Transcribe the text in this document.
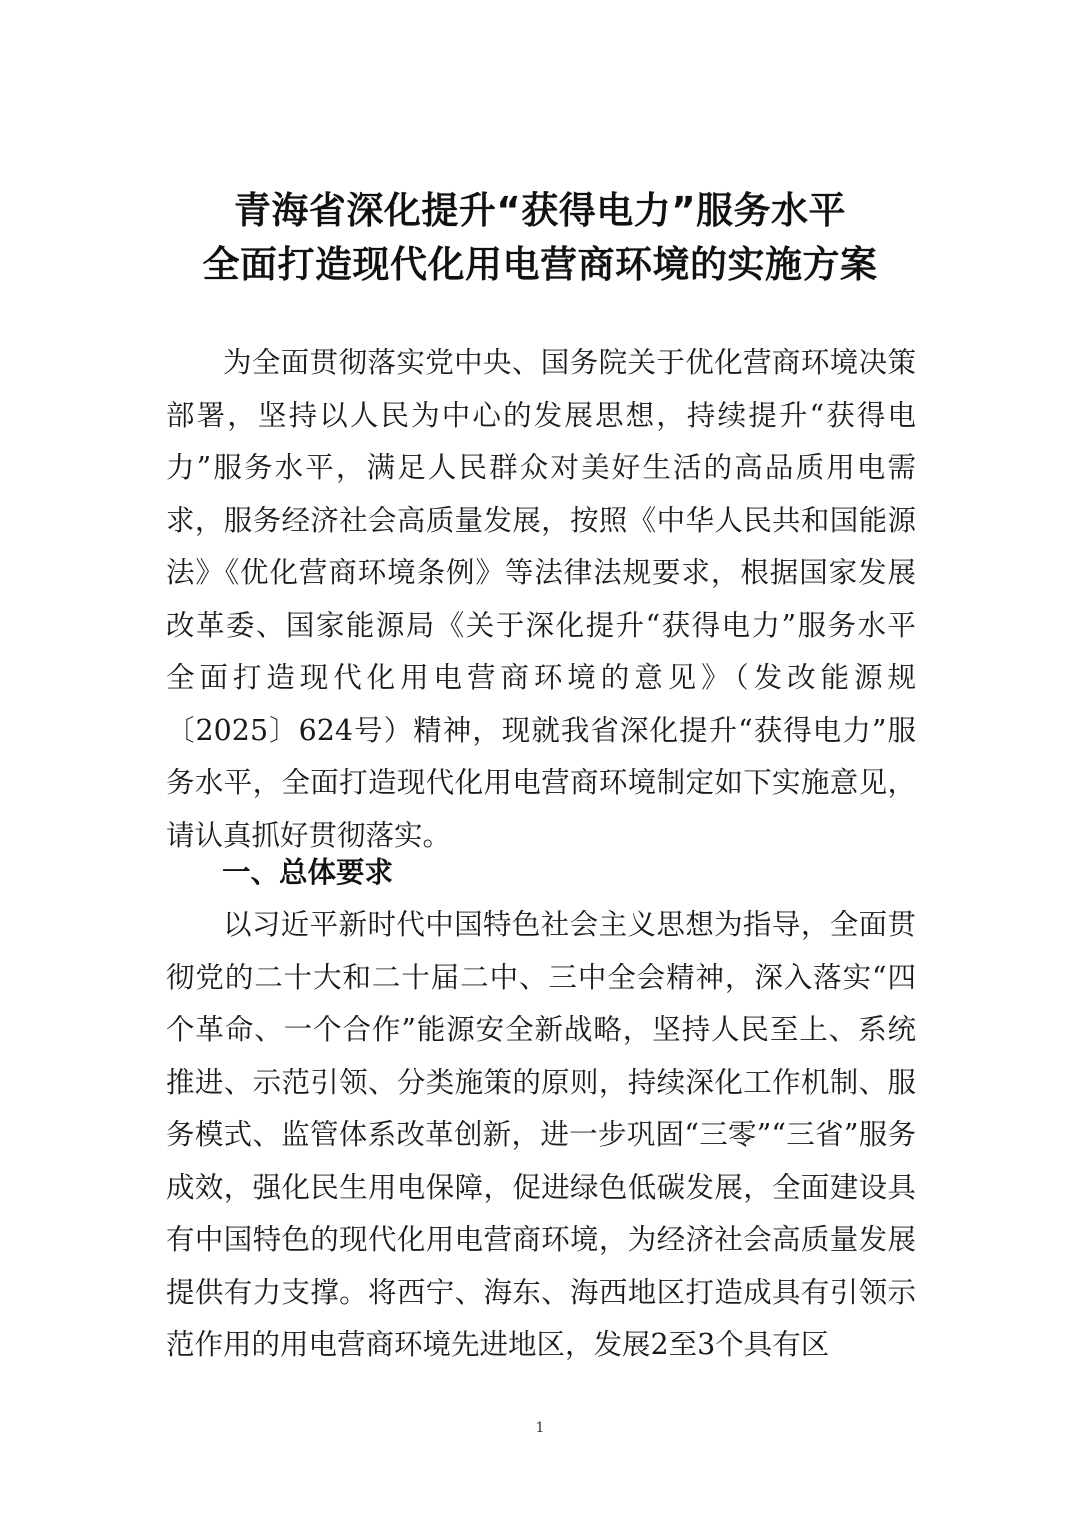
青海省深化提升“获得电力”服务水平
全面打造现代化用电营商环境的实施方案
为全面贯彻落实党中央、国务院关于优化营商环境决策部署，坚持以人民为中心的发展思想，持续提升“获得电力”服务水平，满足人民群众对美好生活的高品质用电需求，服务经济社会高质量发展，按照《中华人民共和国能源法》《优化营商环境条例》等法律法规要求，根据国家发展改革委、国家能源局《关于深化提升“获得电力”服务水平 全面打造现代化用电营商环境的意见》（发改能源规〔2025〕624号）精神，现就我省深化提升“获得电力”服务水平，全面打造现代化用电营商环境制定如下实施意见，请认真抓好贯彻落实。
一、总体要求
以习近平新时代中国特色社会主义思想为指导，全面贯彻党的二十大和二十届二中、三中全会精神，深入落实“四个革命、一个合作”能源安全新战略，坚持人民至上、系统推进、示范引领、分类施策的原则，持续深化工作机制、服务模式、监管体系改革创新，进一步巩固“三零”“三省”服务成效，强化民生用电保障，促进绿色低碳发展，全面建设具有中国特色的现代化用电营商环境，为经济社会高质量发展提供有力支撑。将西宁、海东、海西地区打造成具有引领示范作用的用电营商环境先进地区，发展2至3个具有区
1
